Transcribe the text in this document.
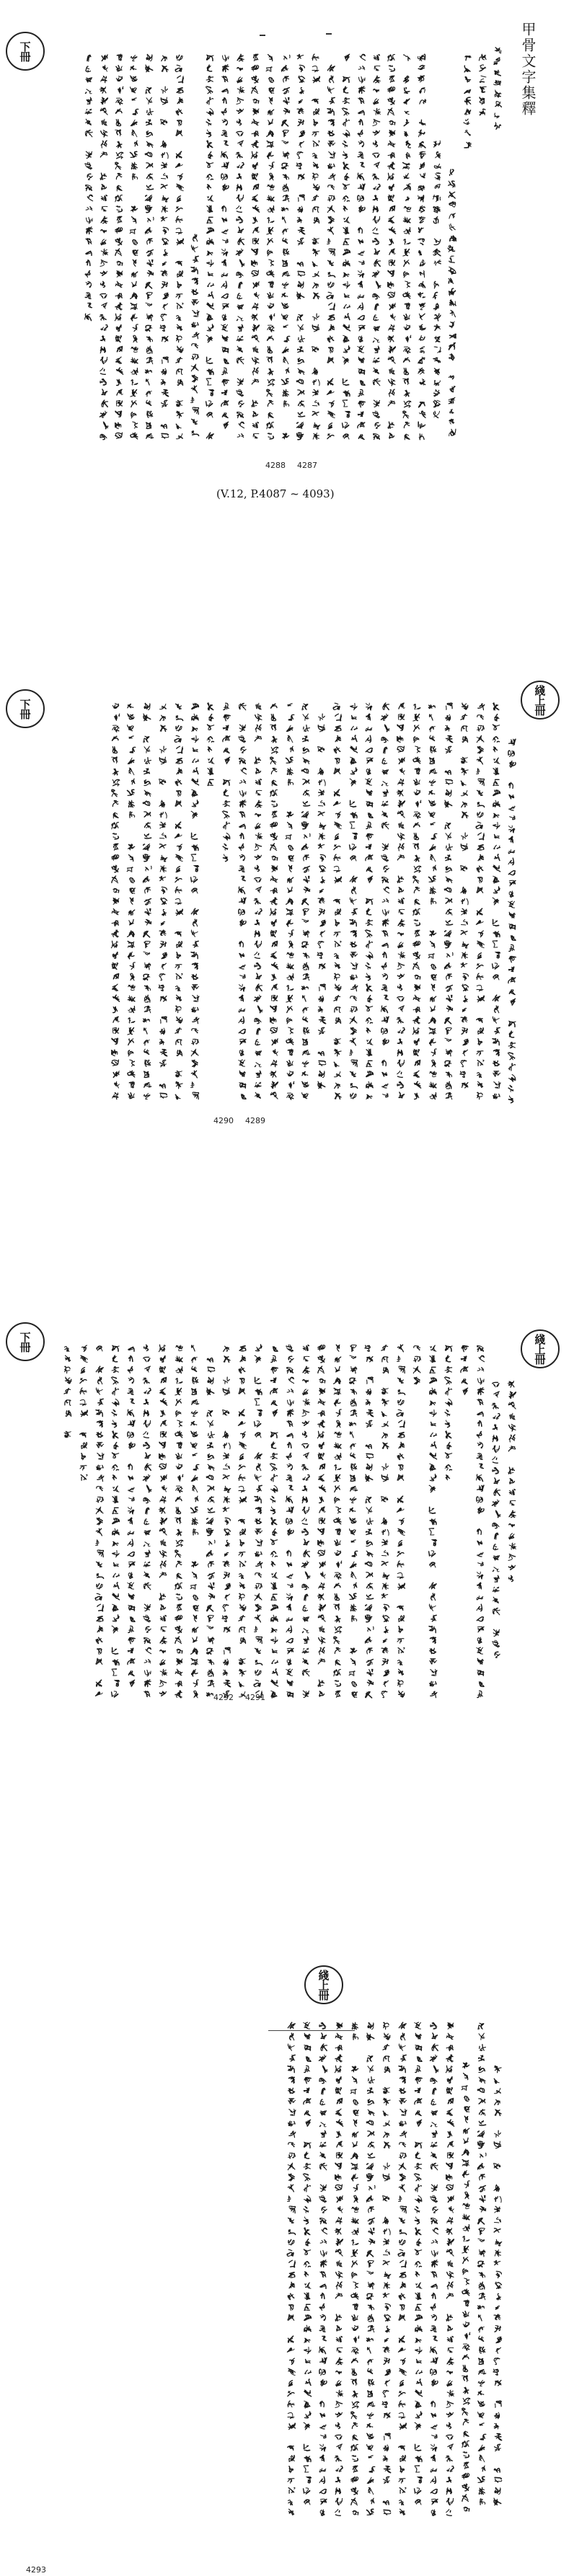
甲骨文字集釋
下冊
4288 4287
(V.12, P.4087 ~ 4093)
下冊	綫上冊
4290 4289
下冊	綫上冊
4292 4291
綫上冊
4293
